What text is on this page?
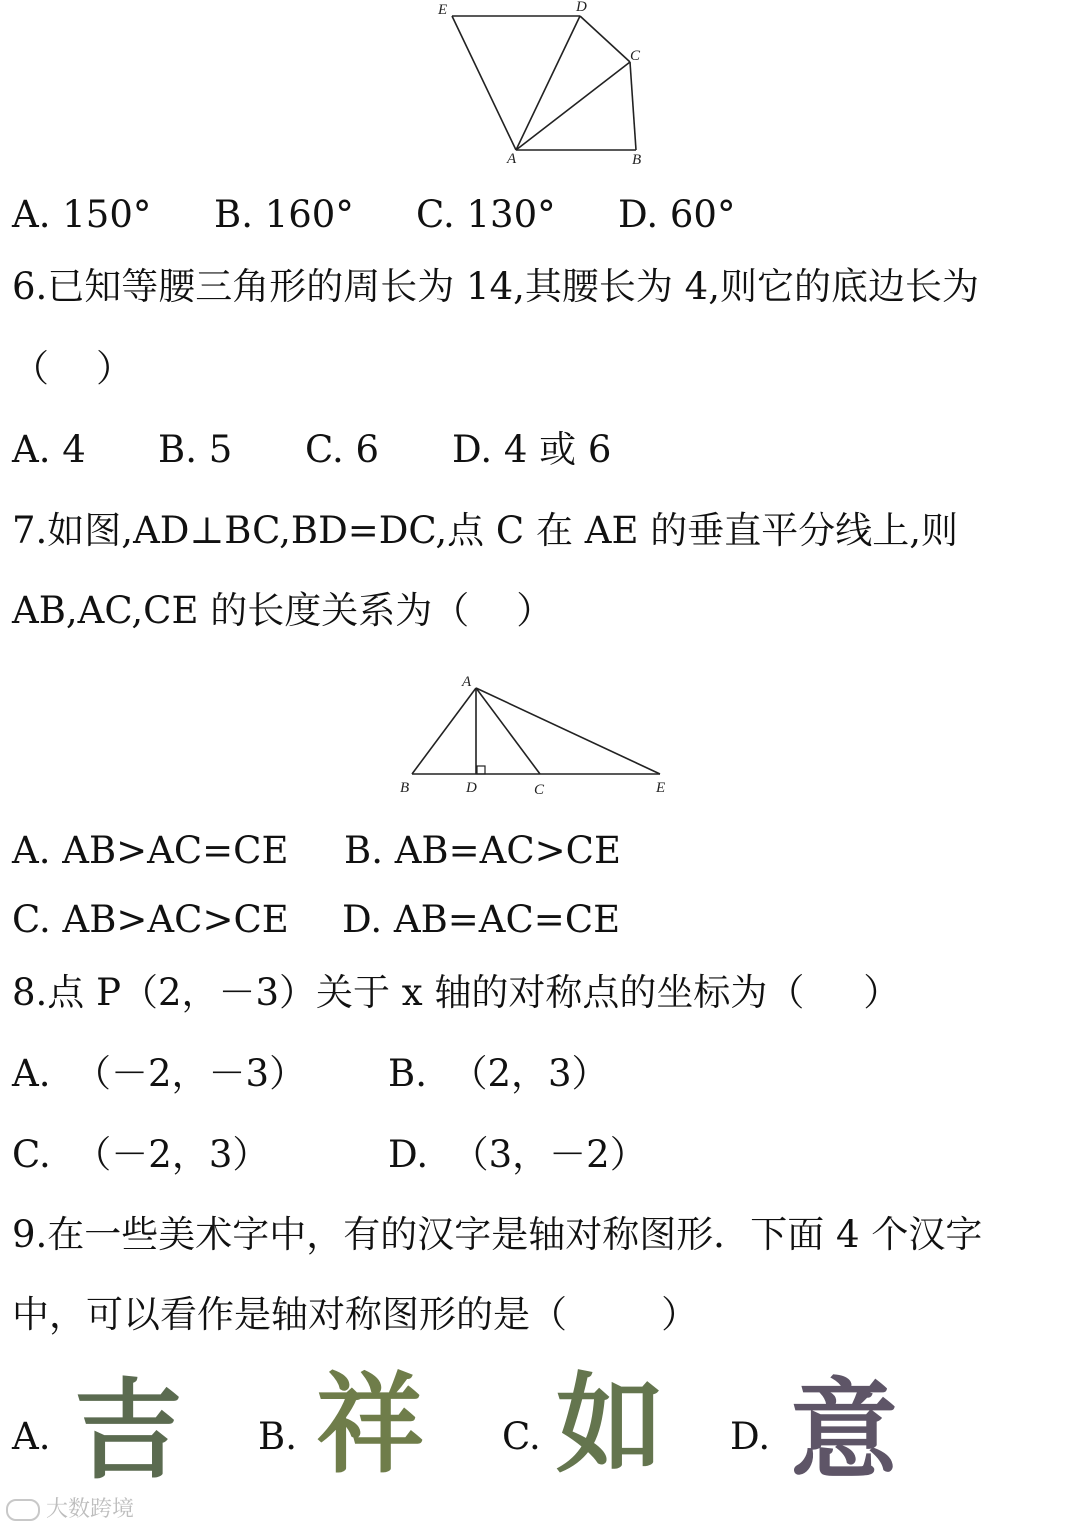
E	D
C
A	B
A. 150° B. 160° C. 130° D. 60°
6.已知等腰三角形的周长为 14,其腰长为 4,则它的底边长为
（    ）
A. 4 B. 5 C. 6 D. 4 或 6
7.如图,AD⊥BC,BD=DC,点 C 在 AE 的垂直平分线上,则
AB,AC,CE 的长度关系为（    ）
A
B	D	C	E
A. AB>AC=CE B. AB=AC>CE
C. AB>AC>CE D. AB=AC=CE
8.点 P（2，－3）关于 x 轴的对称点的坐标为（     ）
A.  （－2，－3） B.  （2，3）
C.  （－2，3）	D.  （3，－2）
9.在一些美术字中，有的汉字是轴对称图形．下面 4 个汉字
中，可以看作是轴对称图形的是（        ）
A. 吉 B. 祥 C. 如 D. 意
大数跨境
